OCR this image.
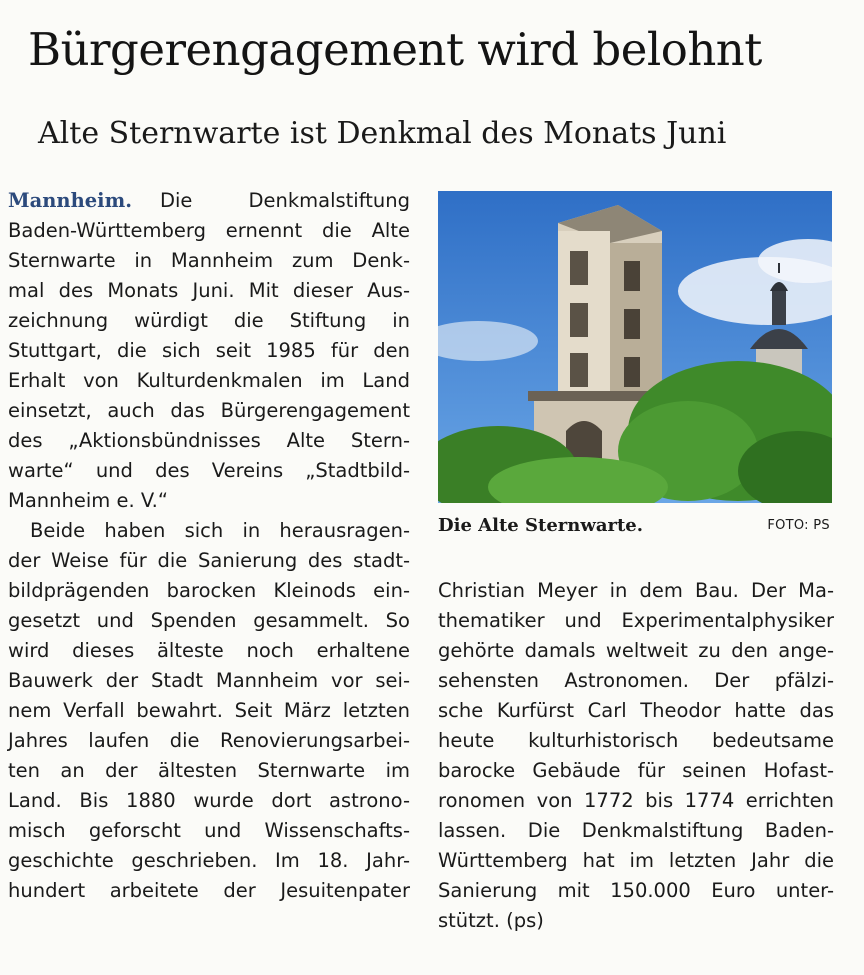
Bürgerengagement wird belohnt
Alte Sternwarte ist Denkmal des Monats Juni
Mannheim. Die Denkmalstiftung
Baden-Württemberg ernennt die Alte
Sternwarte in Mannheim zum Denk-
mal des Monats Juni. Mit dieser Aus-
zeichnung würdigt die Stiftung in
Stuttgart, die sich seit 1985 für den
Erhalt von Kulturdenkmalen im Land
einsetzt, auch das Bürgerengagement
des „Aktionsbündnisses Alte Stern-
warte“ und des Vereins „Stadtbild-
Mannheim e. V.“
Beide haben sich in herausragen-
der Weise für die Sanierung des stadt-
bildprägenden barocken Kleinods ein-
gesetzt und Spenden gesammelt. So
wird dieses älteste noch erhaltene
Bauwerk der Stadt Mannheim vor sei-
nem Verfall bewahrt. Seit März letzten
Jahres laufen die Renovierungsarbei-
ten an der ältesten Sternwarte im
Land. Bis 1880 wurde dort astrono-
misch geforscht und Wissenschafts-
geschichte geschrieben. Im 18. Jahr-
hundert arbeitete der Jesuitenpater
Die Alte Sternwarte.	FOTO: PS
Christian Meyer in dem Bau. Der Ma-
thematiker und Experimentalphysiker
gehörte damals weltweit zu den ange-
sehensten Astronomen. Der pfälzi-
sche Kurfürst Carl Theodor hatte das
heute kulturhistorisch bedeutsame
barocke Gebäude für seinen Hofast-
ronomen von 1772 bis 1774 errichten
lassen. Die Denkmalstiftung Baden-
Württemberg hat im letzten Jahr die
Sanierung mit 150.000 Euro unter-
stützt. (ps)
